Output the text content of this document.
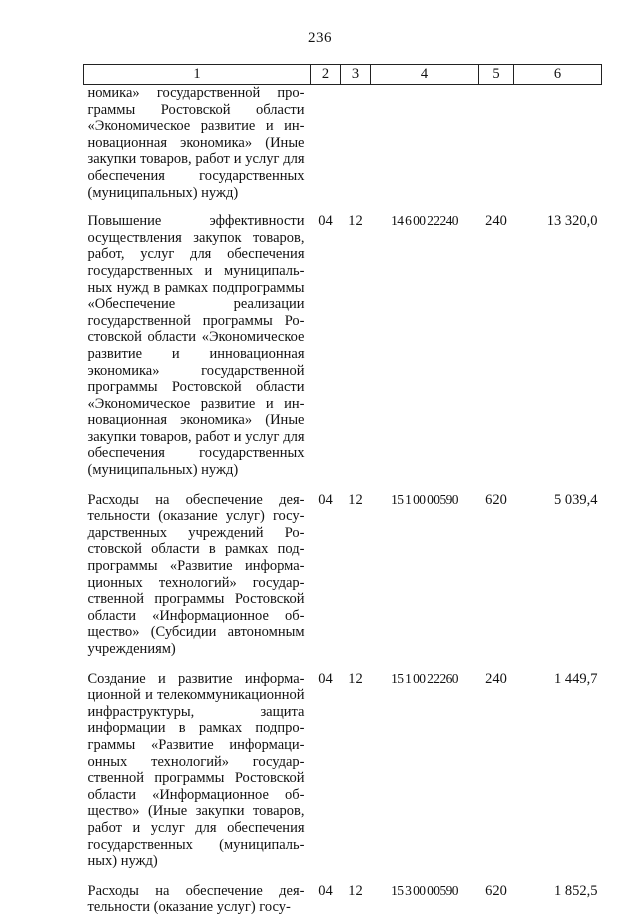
236
1	2	3	4	5	6
номика» государственной программы Ростовской области «Экономическое развитие и инновационная экономика» (Иные закупки товаров, работ и услуг для обеспечения государственных (муниципальных) нужд)					
Повышение эффективности осуществления закупок товаров, работ, услуг для обеспечения государственных и муниципальных нужд в рамках подпрограммы «Обеспечение реализации государственной программы Ростовской области «Экономическое развитие и инновационная экономика» государственной программы Ростовской области «Экономическое развитие и инновационная экономика» (Иные закупки товаров, работ и услуг для обеспечения государственных (муниципальных) нужд)	04	12	14 6 00 22240	240	13 320,0
Расходы на обеспечение деятельности (оказание услуг) государственных учреждений Ростовской области в рамках подпрограммы «Развитие информационных технологий» государственной программы Ростовской области «Информационное общество» (Субсидии автономным учреждениям)	04	12	15 1 00 00590	620	5 039,4
Создание и развитие информационной и телекоммуникационной инфраструктуры, защита информации в рамках подпрограммы «Развитие информационных технологий» государственной программы Ростовской области «Информационное общество» (Иные закупки товаров, работ и услуг для обеспечения государственных (муниципальных) нужд)	04	12	15 1 00 22260	240	1 449,7
Расходы на обеспечение деятельности (оказание услуг) госу-	04	12	15 3 00 00590	620	1 852,5
